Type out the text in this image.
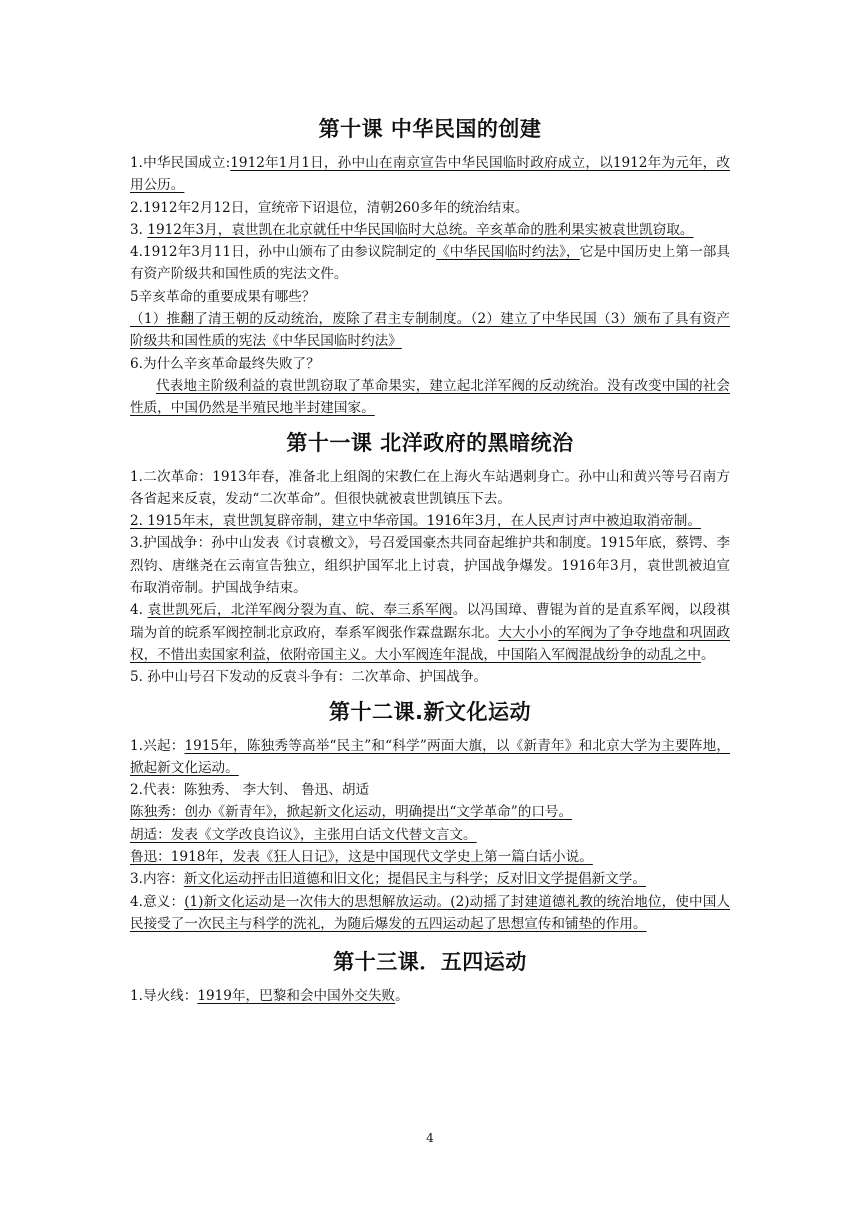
第十课 中华民国的创建

1.中华民国成立:1912年1月1日，孙中山在南京宣告中华民国临时政府成立，以1912年为元年，改用公历。

2.1912年2月12日，宣统帝下诏退位，清朝260多年的统治结束。

3. 1912年3月，袁世凯在北京就任中华民国临时大总统。辛亥革命的胜利果实被袁世凯窃取。

4.1912年3月11日，孙中山颁布了由参议院制定的《中华民国临时约法》，它是中国历史上第一部具有资产阶级共和国性质的宪法文件。

5辛亥革命的重要成果有哪些？

（1）推翻了清王朝的反动统治，废除了君主专制制度。（2）建立了中华民国（3）颁布了具有资产阶级共和国性质的宪法《中华民国临时约法》

6.为什么辛亥革命最终失败了？

代表地主阶级利益的袁世凯窃取了革命果实，建立起北洋军阀的反动统治。没有改变中国的社会性质，中国仍然是半殖民地半封建国家。

第十一课 北洋政府的黑暗统治

1.二次革命：1913年春，准备北上组阁的宋教仁在上海火车站遇刺身亡。孙中山和黄兴等号召南方各省起来反袁，发动“二次革命”。但很快就被袁世凯镇压下去。

2. 1915年末，袁世凯复辟帝制，建立中华帝国。1916年3月，在人民声讨声中被迫取消帝制。

3.护国战争：孙中山发表《讨袁檄文》，号召爱国豪杰共同奋起维护共和制度。1915年底，蔡锷、李烈钧、唐继尧在云南宣告独立，组织护国军北上讨袁，护国战争爆发。1916年3月，袁世凯被迫宣布取消帝制。护国战争结束。

4. 袁世凯死后，北洋军阀分裂为直、皖、奉三系军阀。以冯国璋、曹锟为首的是直系军阀，以段祺瑞为首的皖系军阀控制北京政府，奉系军阀张作霖盘踞东北。大大小小的军阀为了争夺地盘和巩固政权，不惜出卖国家利益，依附帝国主义。大小军阀连年混战，中国陷入军阀混战纷争的动乱之中。

5. 孙中山号召下发动的反袁斗争有：二次革命、护国战争。

第十二课.新文化运动

1.兴起：1915年，陈独秀等高举“民主”和“科学”两面大旗，以《新青年》和北京大学为主要阵地，掀起新文化运动。

2.代表：陈独秀、 李大钊、 鲁迅、胡适

陈独秀：创办《新青年》，掀起新文化运动，明确提出“文学革命”的口号。

胡适：发表《文学改良诌议》，主张用白话文代替文言文。

鲁迅：1918年，发表《狂人日记》，这是中国现代文学史上第一篇白话小说。

3.内容：新文化运动抨击旧道德和旧文化；提倡民主与科学；反对旧文学提倡新文学。

4.意义：(1)新文化运动是一次伟大的思想解放运动。(2)动摇了封建道德礼教的统治地位，使中国人民接受了一次民主与科学的洗礼，为随后爆发的五四运动起了思想宣传和铺垫的作用。

第十三课．五四运动

1.导火线：1919年，巴黎和会中国外交失败。

4
